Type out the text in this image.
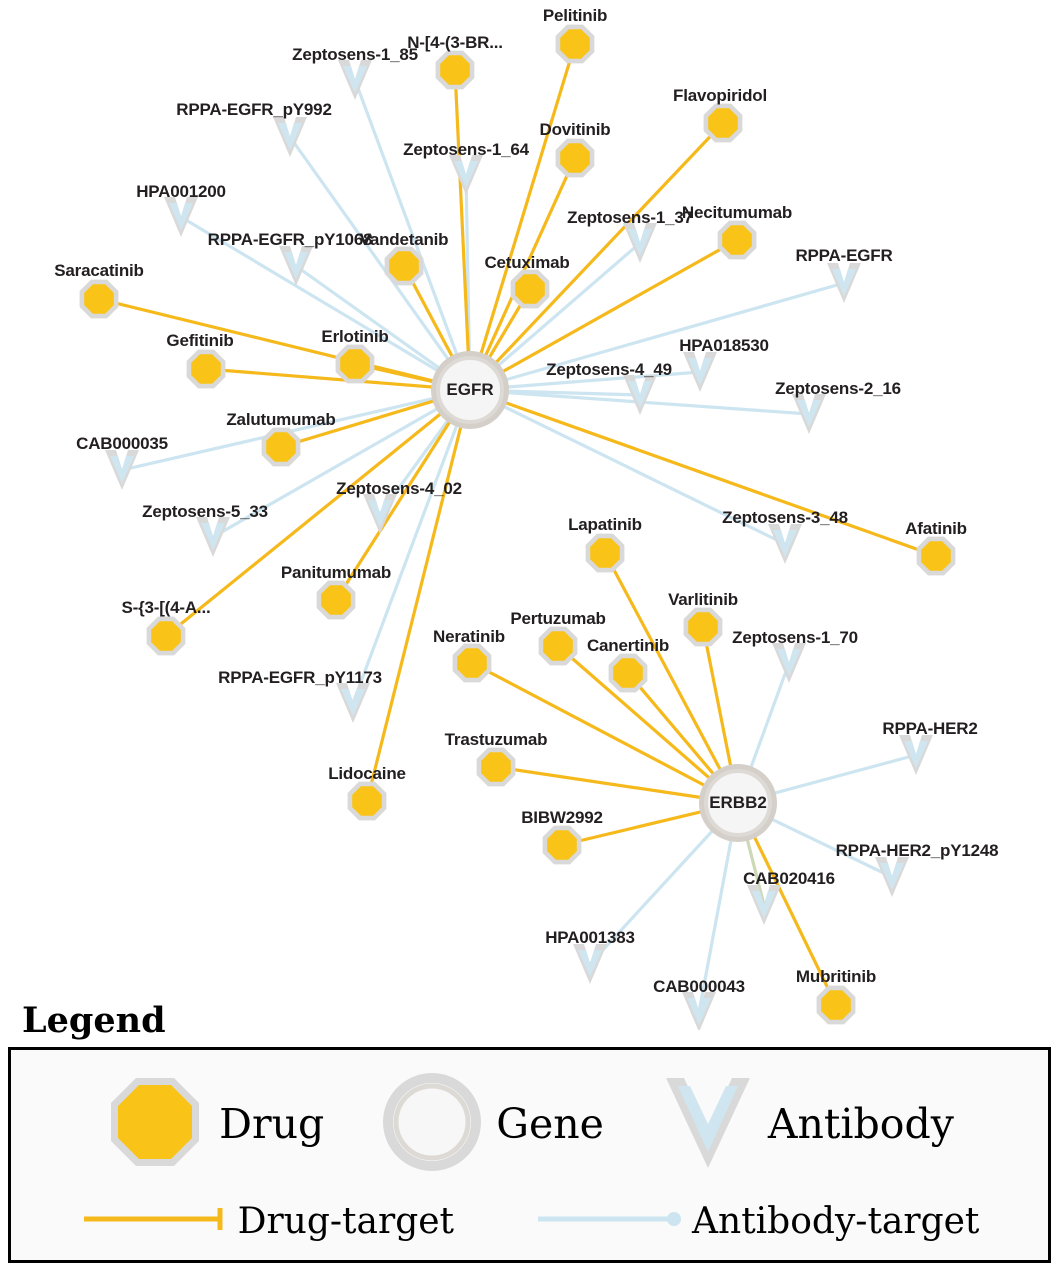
Zeptosens-1_85
RPPA-EGFR_pY992
Zeptosens-1_64
HPA001200
Zeptosens-1_37
RPPA-EGFR_pY1068
RPPA-EGFR
HPA018530
Zeptosens-4_49
Zeptosens-2_16
CAB000035
Zeptosens-5_33
Zeptosens-4_02
Zeptosens-3_48
Zeptosens-1_70
RPPA-EGFR_pY1173
RPPA-HER2
RPPA-HER2_pY1248
CAB020416
HPA001383
CAB000043
Pelitinib
N-[4-(3-BR...
Flavopiridol
Dovitinib
Necitumumab
Vandetanib
Cetuximab
Saracatinib
Erlotinib
Gefitinib
Zalutumumab
Afatinib
Lapatinib
Varlitinib
Panitumumab
S-{3-[(4-A...
Pertuzumab
Canertinib
Neratinib
Trastuzumab
Lidocaine
BIBW2992
Mubritinib
EGFR
ERBB2
Legend
Drug	Gene	Antibody
Drug-target	Antibody-target
